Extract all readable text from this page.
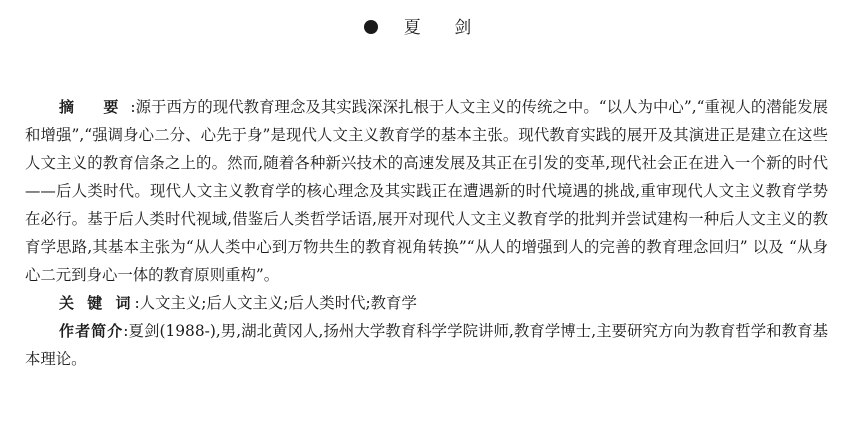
夏 剑

摘 要:源于西方的现代教育理念及其实践深深扎根于人文主义的传统之中。“以人为中心”,“重视人的潜能发展和增强”,“强调身心二分、心先于身”是现代人文主义教育学的基本主张。现代教育实践的展开及其演进正是建立在这些人文主义的教育信条之上的。然而,随着各种新兴技术的高速发展及其正在引发的变革,现代社会正在进入一个新的时代——后人类时代。现代人文主义教育学的核心理念及其实践正在遭遇新的时代境遇的挑战,重审现代人文主义教育学势在必行。基于后人类时代视域,借鉴后人类哲学话语,展开对现代人文主义教育学的批判并尝试建构一种后人文主义的教育学思路,其基本主张为“从人类中心到万物共生的教育视角转换”“从人的增强到人的完善的教育理念回归” 以及 “从身心二元到身心一体的教育原则重构”。

关 键 词:人文主义;后人文主义;后人类时代;教育学

作者简介:夏剑(1988-),男,湖北黄冈人,扬州大学教育科学学院讲师,教育学博士,主要研究方向为教育哲学和教育基本理论。
